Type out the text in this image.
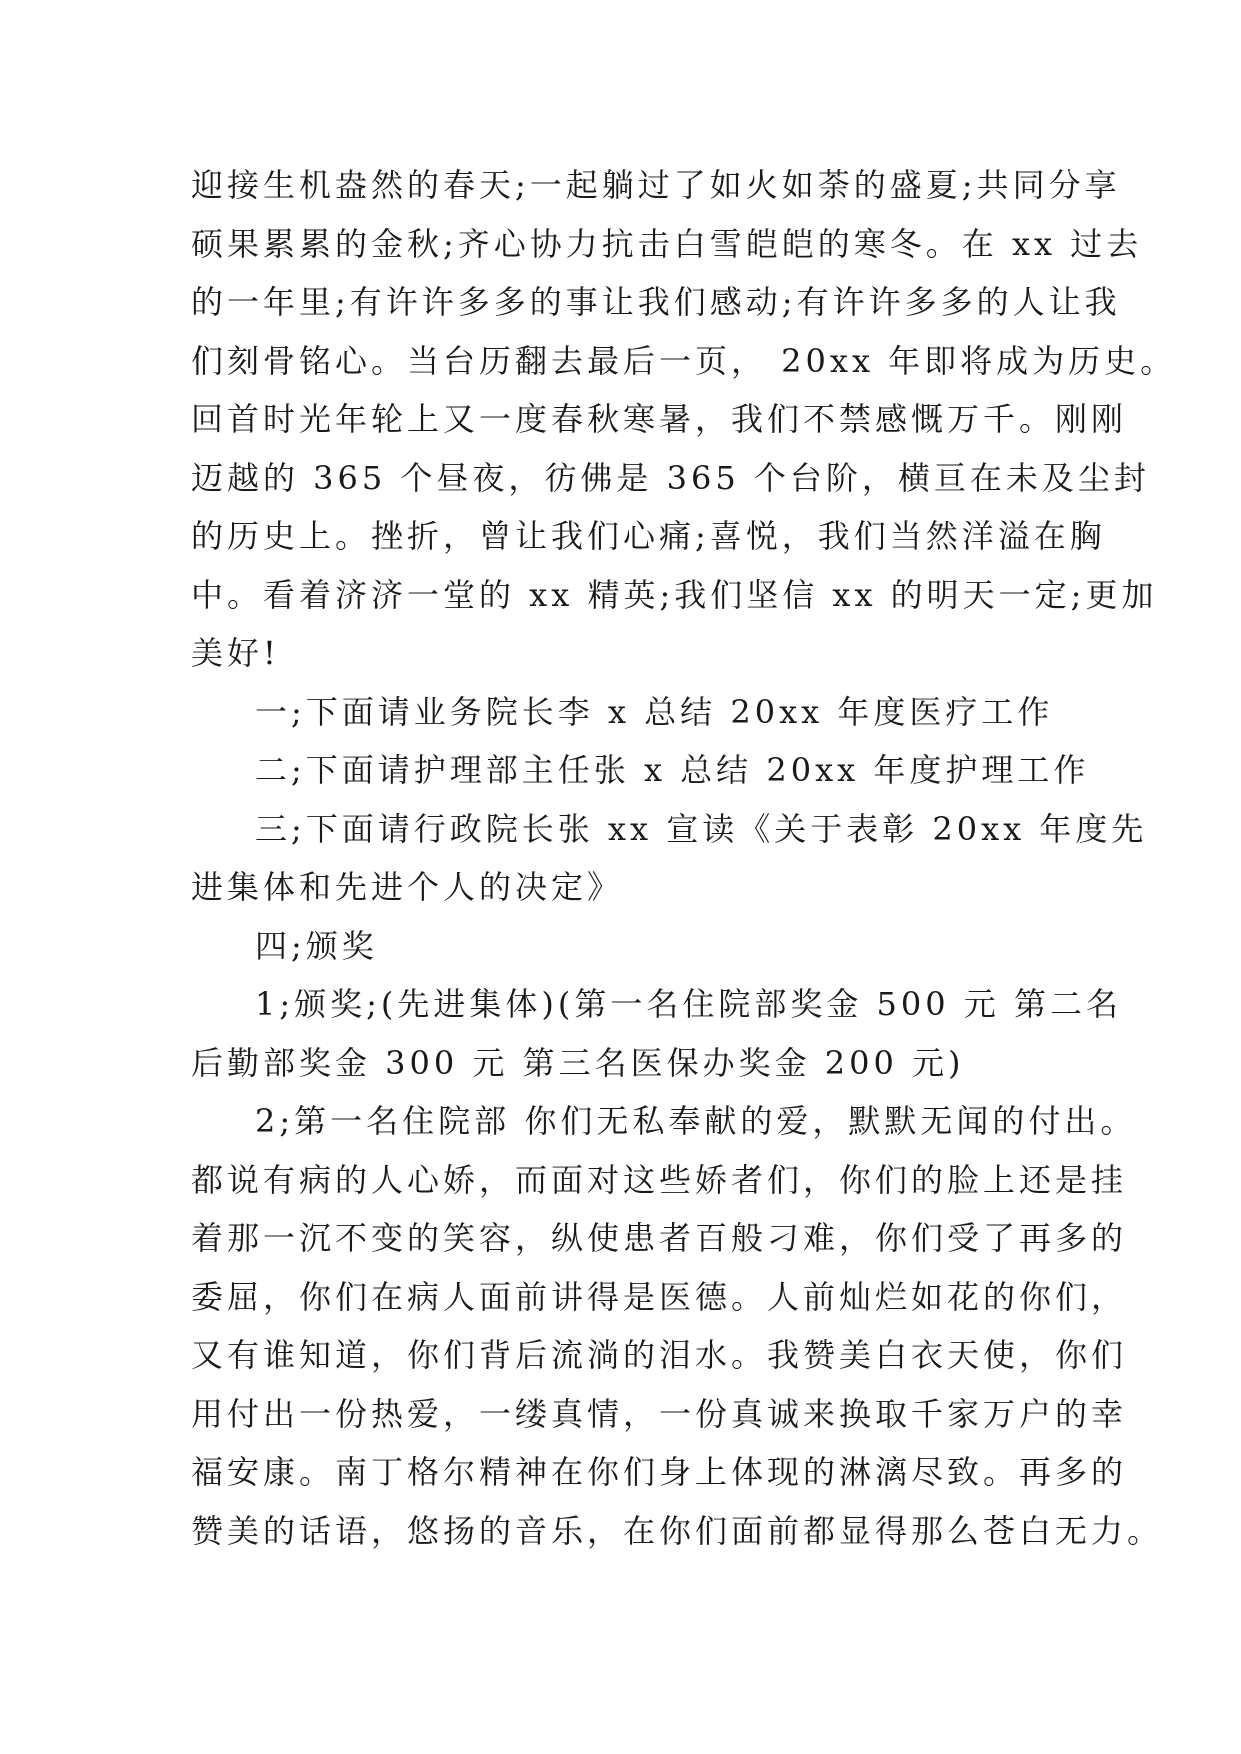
迎接生机盎然的春天;一起躺过了如火如荼的盛夏;共同分享
硕果累累的金秋;齐心协力抗击白雪皑皑的寒冬。在 xx 过去
的一年里;有许许多多的事让我们感动;有许许多多的人让我
们刻骨铭心。当台历翻去最后一页， 20xx 年即将成为历史。
回首时光年轮上又一度春秋寒暑，我们不禁感慨万千。刚刚
迈越的 365 个昼夜，彷佛是 365 个台阶，横亘在未及尘封
的历史上。挫折，曾让我们心痛;喜悦，我们当然洋溢在胸
中。看着济济一堂的 xx 精英;我们坚信 xx 的明天一定;更加
美好!
一;下面请业务院长李 x 总结 20xx 年度医疗工作
二;下面请护理部主任张 x 总结 20xx 年度护理工作
三;下面请行政院长张 xx 宣读《关于表彰 20xx 年度先
进集体和先进个人的决定》
四;颁奖
1;颁奖;(先进集体)(第一名住院部奖金 500 元 第二名
后勤部奖金 300 元 第三名医保办奖金 200 元)
2;第一名住院部 你们无私奉献的爱，默默无闻的付出。
都说有病的人心娇，而面对这些娇者们，你们的脸上还是挂
着那一沉不变的笑容，纵使患者百般刁难，你们受了再多的
委屈，你们在病人面前讲得是医德。人前灿烂如花的你们，
又有谁知道，你们背后流淌的泪水。我赞美白衣天使，你们
用付出一份热爱，一缕真情，一份真诚来换取千家万户的幸
福安康。南丁格尔精神在你们身上体现的淋漓尽致。再多的
赞美的话语，悠扬的音乐，在你们面前都显得那么苍白无力。
